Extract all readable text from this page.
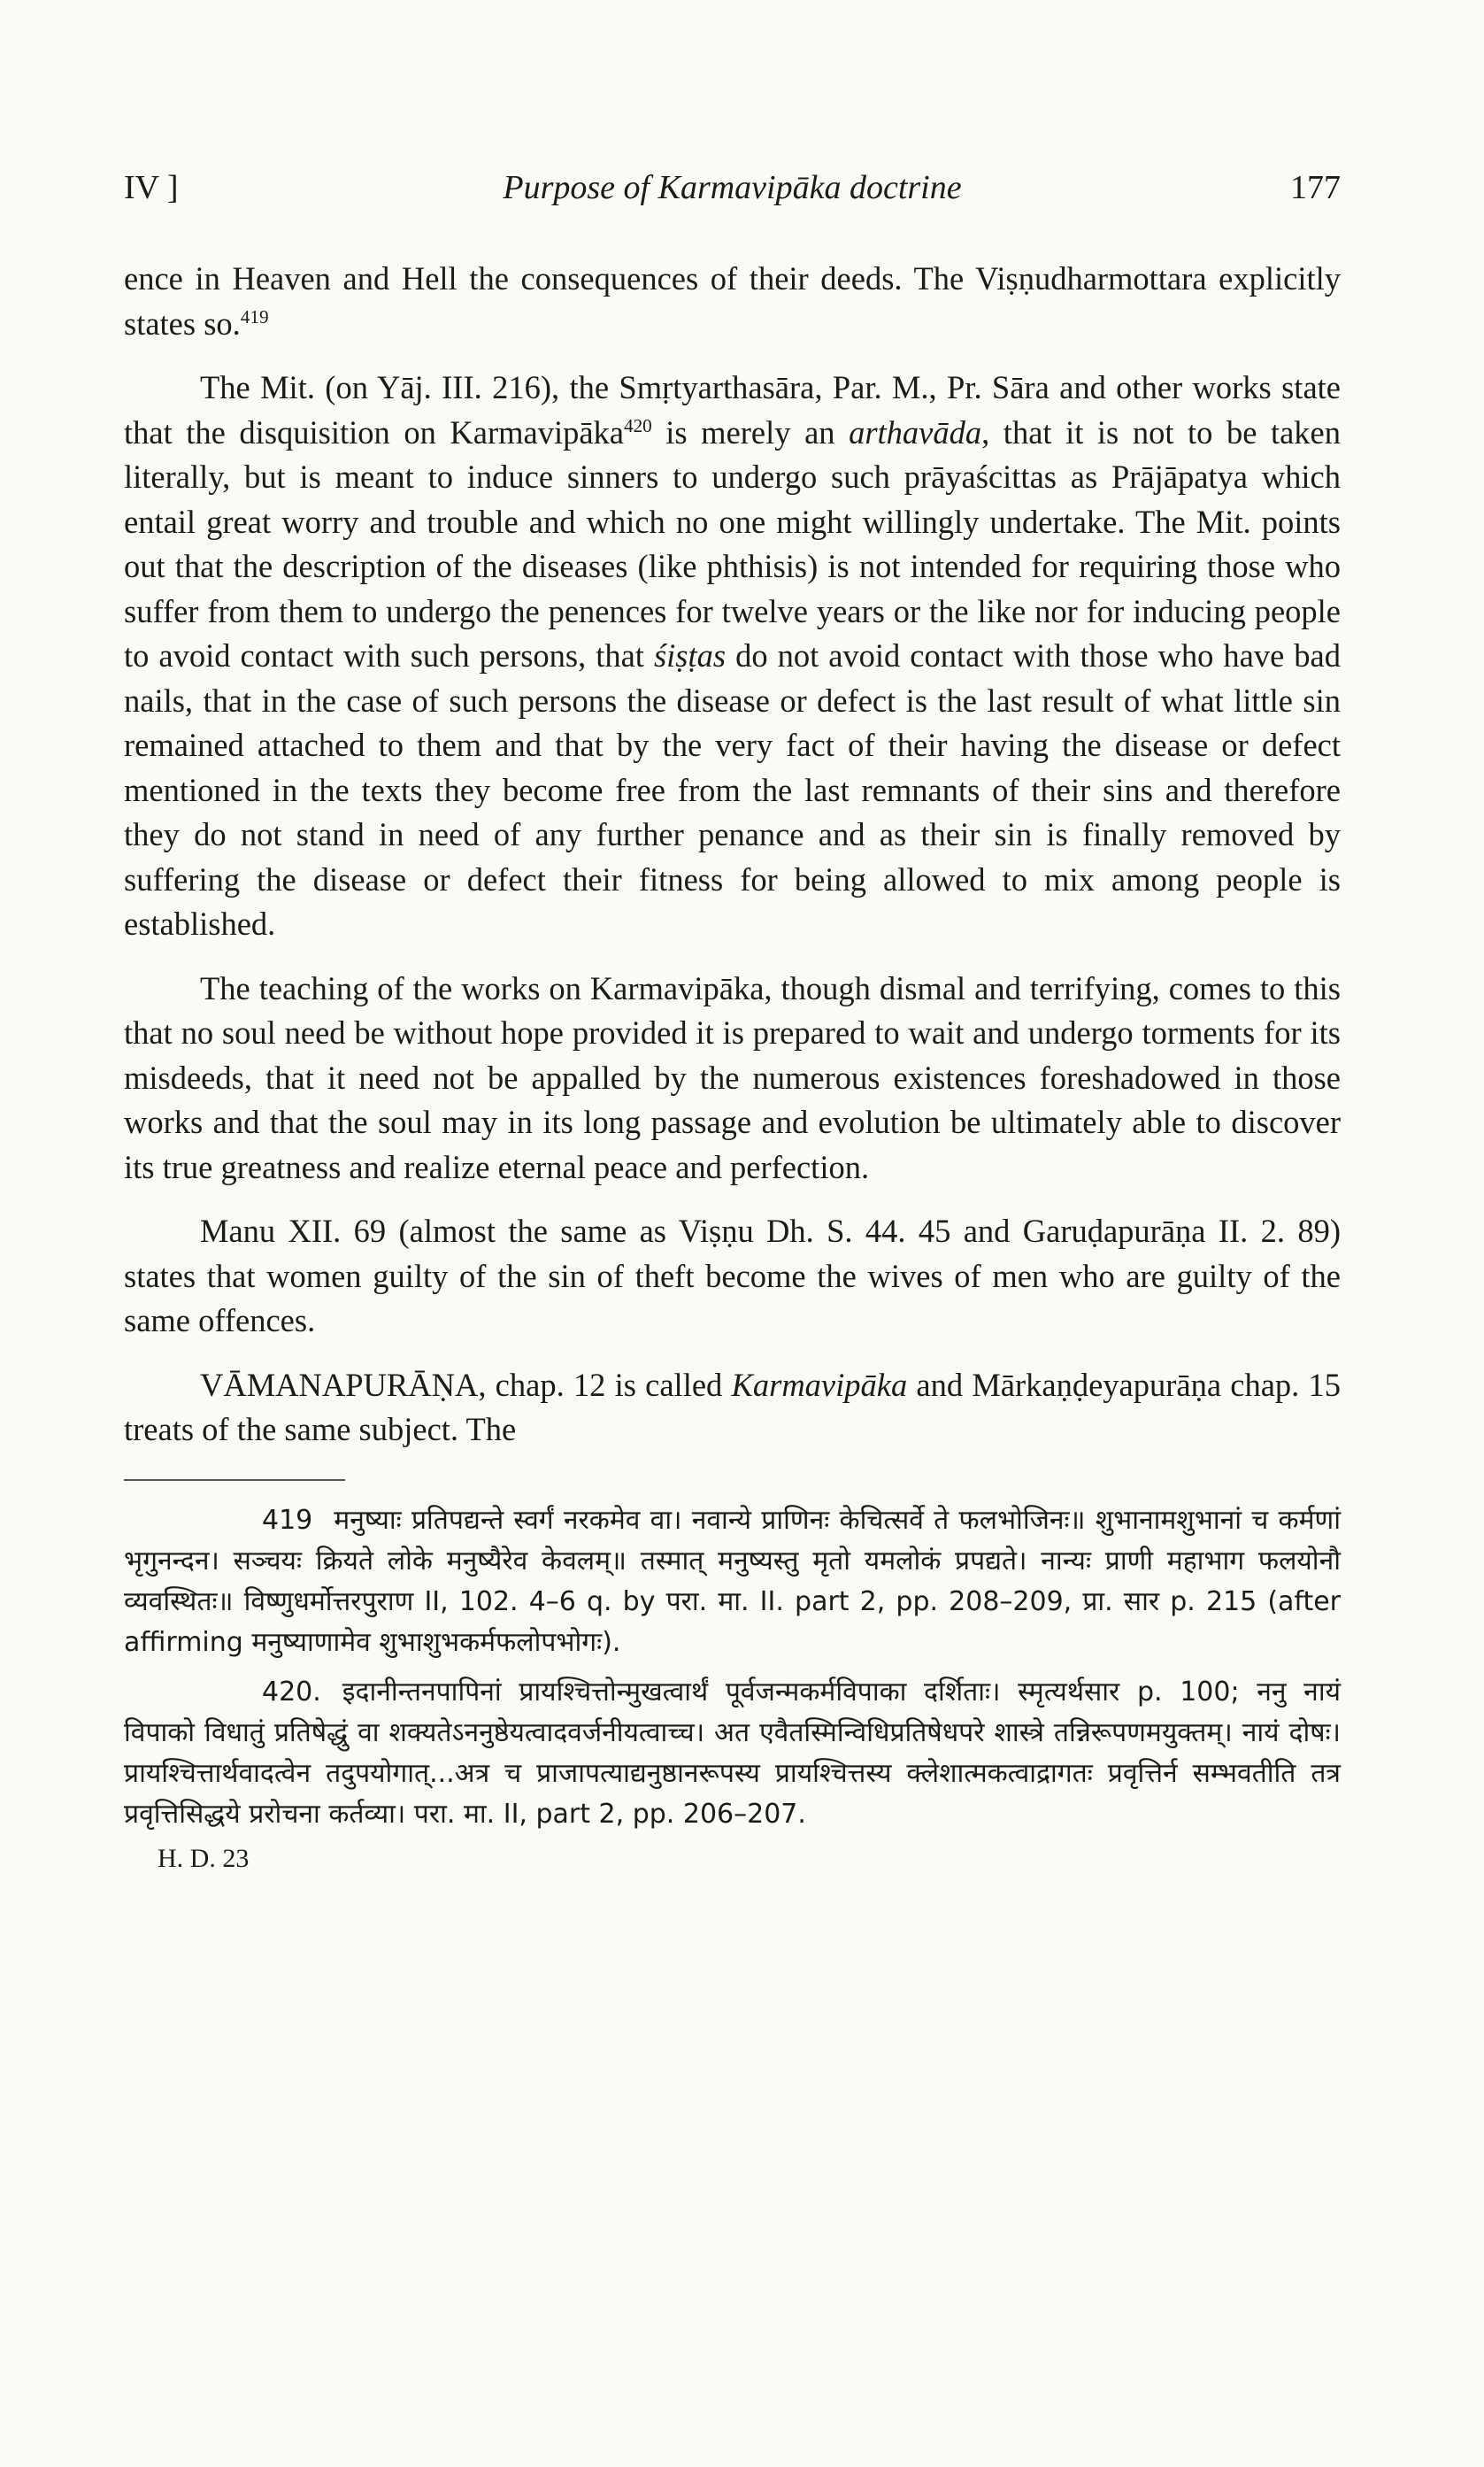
IV ]	Purpose of Karmavipāka doctrine	177

ence in Heaven and Hell the consequences of their deeds. The Viṣṇudharmottara explicitly states so.$^{419}$

The Mit. (on Yāj. III. 216), the Smṛtyarthasāra, Par. M., Pr. Sāra and other works state that the disquisition on Karmavipāka$^{420}$ is merely an arthavāda, that it is not to be taken literally, but is meant to induce sinners to undergo such prāyaścittas as Prājāpatya which entail great worry and trouble and which no one might willingly undertake. The Mit. points out that the description of the diseases (like phthisis) is not intended for requiring those who suffer from them to undergo the penences for twelve years or the like nor for inducing people to avoid contact with such persons, that śiṣṭas do not avoid contact with those who have bad nails, that in the case of such persons the disease or defect is the last result of what little sin remained attached to them and that by the very fact of their having the disease or defect mentioned in the texts they become free from the last remnants of their sins and therefore they do not stand in need of any further penance and as their sin is finally removed by suffering the disease or defect their fitness for being allowed to mix among people is established.

The teaching of the works on Karmavipāka, though dismal and terrifying, comes to this that no soul need be without hope provided it is prepared to wait and undergo torments for its misdeeds, that it need not be appalled by the numerous existences foreshadowed in those works and that the soul may in its long passage and evolution be ultimately able to discover its true greatness and realize eternal peace and perfection.

Manu XII. 69 (almost the same as Viṣṇu Dh. S. 44. 45 and Garuḍapurāṇa II. 2. 89) states that women guilty of the sin of theft become the wives of men who are guilty of the same offences.

VĀMANAPURĀṆA, chap. 12 is called Karmavipāka and Mārkaṇḍeyapurāṇa chap. 15 treats of the same subject. The

419 मनुष्याः प्रतिपद्यन्ते स्वर्गं नरकमेव वा। नवान्ये प्राणिनः केचित्सर्वे ते फलभोजिनः॥ शुभानामशुभानां च कर्मणां भृगुनन्दन। सञ्चयः क्रियते लोके मनुष्यैरेव केवलम्॥ तस्मात् मनुष्यस्तु मृतो यमलोकं प्रपद्यते। नान्यः प्राणी महाभाग फलयोनौ व्यवस्थितः॥ विष्णुधर्मोत्तरपुराण II, 102. 4–6 q. by परा. मा. II. part 2, pp. 208–209, प्रा. सार p. 215 (after affirming मनुष्याणामेव शुभाशुभकर्मफलोपभोगः).

420. इदानीन्तनपापिनां प्रायश्चित्तोन्मुखत्वार्थं पूर्वजन्मकर्मविपाका दर्शिताः। स्मृत्यर्थसार p. 100; ननु नायं विपाको विधातुं प्रतिषेद्धुं वा शक्यतेऽननुष्ठेयत्वादवर्जनीयत्वाच्च। अत एवैतस्मिन्विधिप्रतिषेधपरे शास्त्रे तन्निरूपणमयुक्तम्। नायं दोषः। प्रायश्चित्तार्थवादत्वेन तदुपयोगात्...अत्र च प्राजापत्याद्यनुष्ठानरूपस्य प्रायश्चित्तस्य क्लेशात्मकत्वाद्रागतः प्रवृत्तिर्न सम्भवतीति तत्र प्रवृत्तिसिद्धये प्ररोचना कर्तव्या। परा. मा. II, part 2, pp. 206–207.

H. D. 23
